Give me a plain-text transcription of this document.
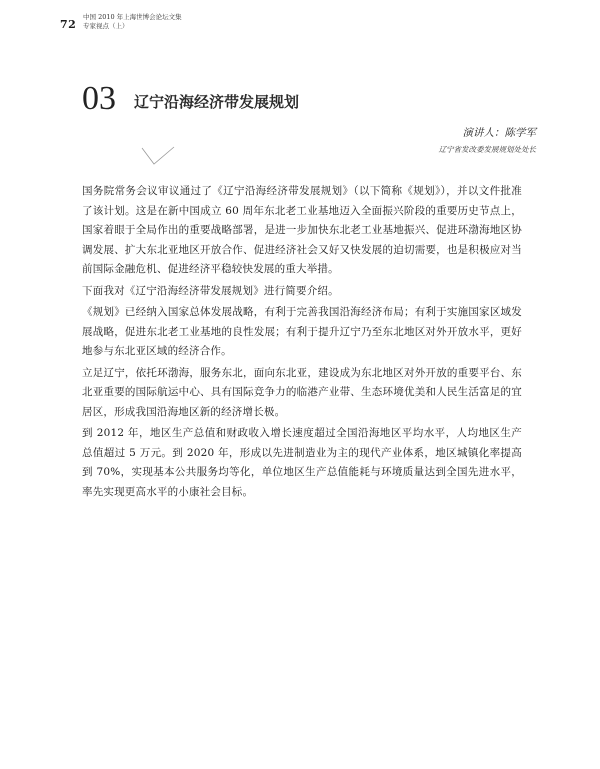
72
中国 2010 年上海世博会论坛文集
专家视点（上）
03 辽宁沿海经济带发展规划
演讲人：陈学军
辽宁省发改委发展规划处处长

国务院常务会议审议通过了《辽宁沿海经济带发展规划》（以下简称《规划》），并以文件批准了该计划。这是在新中国成立 60 周年东北老工业基地迈入全面振兴阶段的重要历史节点上，国家着眼于全局作出的重要战略部署，是进一步加快东北老工业基地振兴、促进环渤海地区协调发展、扩大东北亚地区开放合作、促进经济社会又好又快发展的迫切需要，也是积极应对当前国际金融危机、促进经济平稳较快发展的重大举措。

下面我对《辽宁沿海经济带发展规划》进行简要介绍。

《规划》已经纳入国家总体发展战略，有利于完善我国沿海经济布局；有利于实施国家区域发展战略，促进东北老工业基地的良性发展；有利于提升辽宁乃至东北地区对外开放水平，更好地参与东北亚区域的经济合作。

立足辽宁，依托环渤海，服务东北，面向东北亚，建设成为东北地区对外开放的重要平台、东北亚重要的国际航运中心、具有国际竞争力的临港产业带、生态环境优美和人民生活富足的宜居区，形成我国沿海地区新的经济增长极。

到 2012 年，地区生产总值和财政收入增长速度超过全国沿海地区平均水平，人均地区生产总值超过 5 万元。到 2020 年，形成以先进制造业为主的现代产业体系，地区城镇化率提高到 70%，实现基本公共服务均等化，单位地区生产总值能耗与环境质量达到全国先进水平，率先实现更高水平的小康社会目标。
